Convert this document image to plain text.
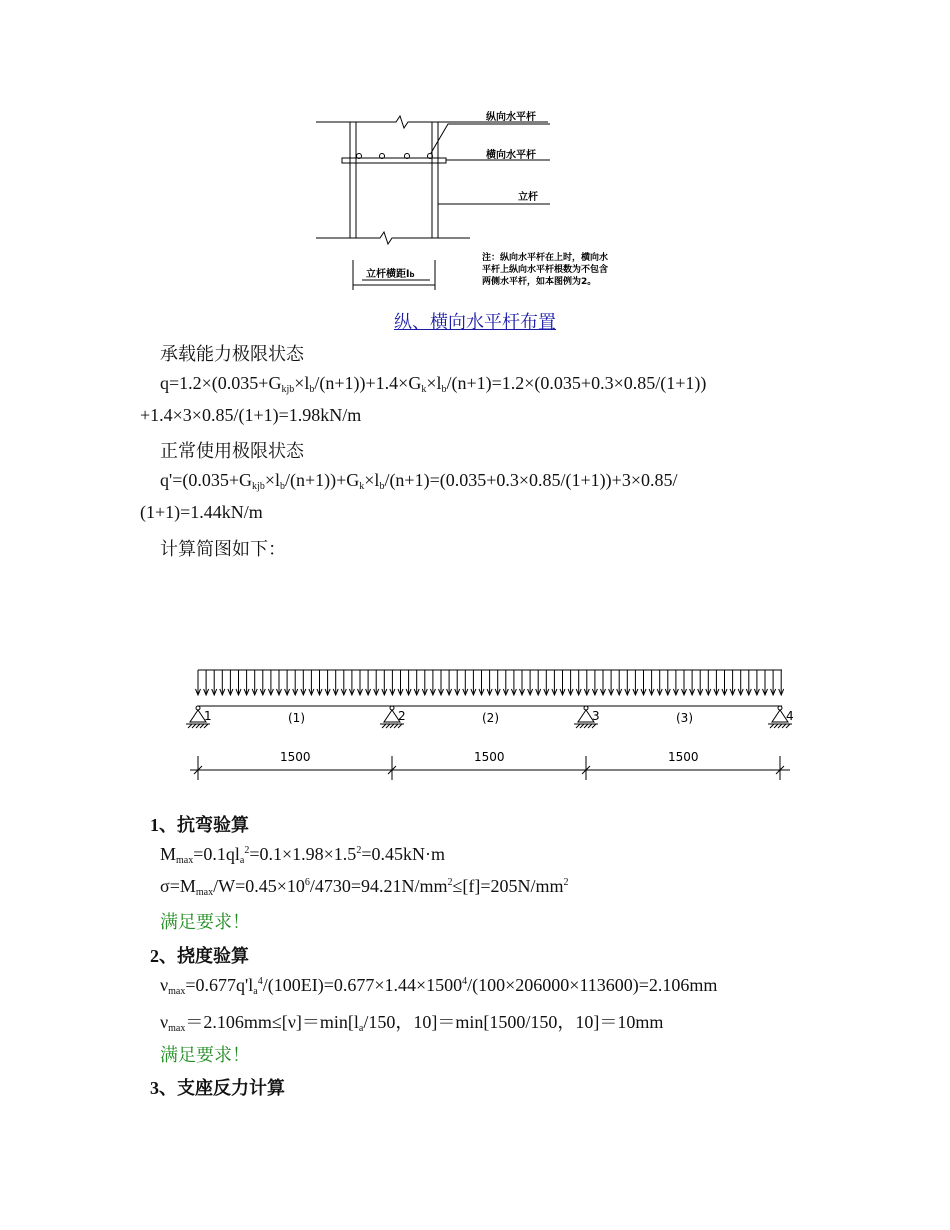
纵向水平杆
横向水平杆
立杆
立杆横距lb
注：纵向水平杆在上时，横向水
平杆上纵向水平杆根数为不包含
两侧水平杆，如本图例为2。
纵、横向水平杆布置
承载能力极限状态
$q=1.2\times(0.035+G_{kjb}\times l_b/(n+1))+1.4\times G_k\times l_b/(n+1)=1.2\times(0.035+0.3\times 0.85/(1+1))$
+1.4×3×0.85/(1+1)=1.98kN/m
正常使用极限状态
$q'=(0.035+G_{kjb}\times l_b/(n+1))+G_k\times l_b/(n+1)=(0.035+0.3\times 0.85/(1+1))+3\times 0.85/$
(1+1)=1.44kN/m
计算简图如下：
1	2	3	4
(1)	(2)	(3)
1500	1500	1500
1、抗弯验算
$M_{max}=0.1ql_a^2=0.1\times 1.98\times 1.5^2=0.45kN\cdot m$
$\sigma=M_{max}/W=0.45\times 10^6/4730=94.21N/mm^2\le[f]=205N/mm^2$
满足要求！
2、挠度验算
$\nu_{max}=0.677q'l_a^4/(100EI)=0.677\times 1.44\times 1500^4/(100\times 206000\times 113600)=2.106mm$
$\nu_{max}=2.106mm\le[\nu]=\min[l_a/150$，10]＝min[1500/150，10]＝10mm
满足要求！
3、支座反力计算
